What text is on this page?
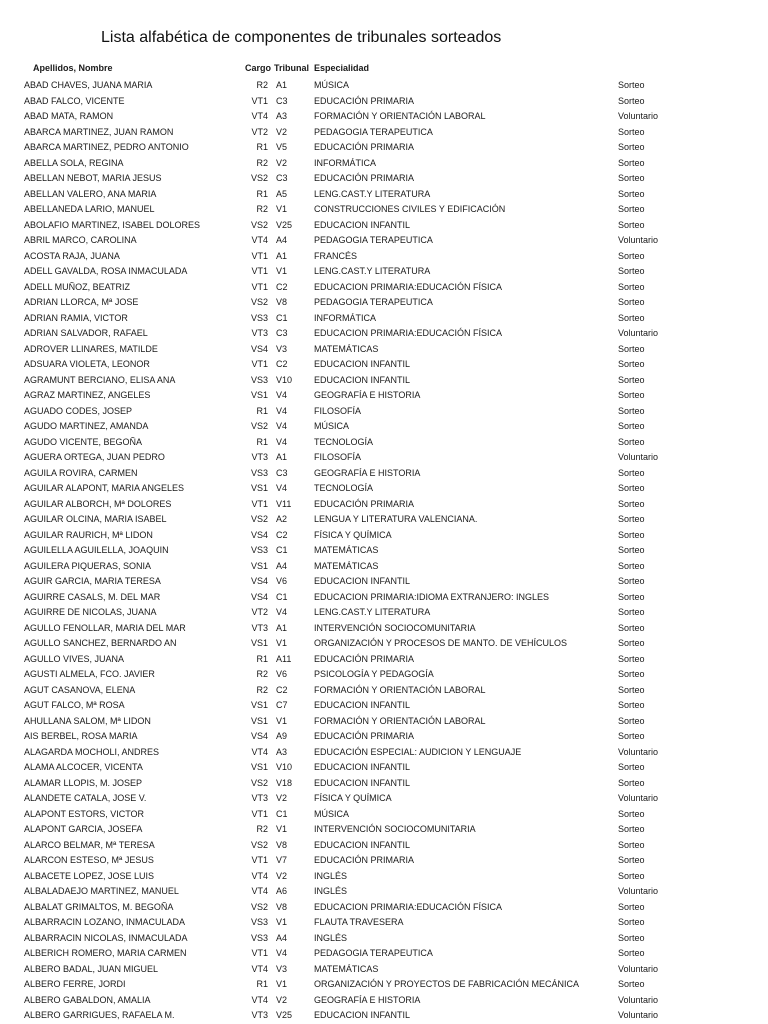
Lista alfabética de componentes de tribunales sorteados
Apellidos, Nombre	Cargo Tribunal Especialidad
ABAD CHAVES, JUANA MARIA	R2 A1	MÚSICA	Sorteo
ABAD FALCO, VICENTE	VT1 C3	EDUCACIÓN PRIMARIA	Sorteo
ABAD MATA, RAMON	VT4 A3	FORMACIÓN Y ORIENTACIÓN LABORAL	Voluntario
ABARCA MARTINEZ, JUAN RAMON	VT2 V2	PEDAGOGIA TERAPEUTICA	Sorteo
ABARCA MARTINEZ, PEDRO ANTONIO	R1 V5	EDUCACIÓN PRIMARIA	Sorteo
ABELLA SOLA, REGINA	R2 V2	INFORMÁTICA	Sorteo
ABELLAN NEBOT, MARIA JESUS	VS2 C3	EDUCACIÓN PRIMARIA	Sorteo
ABELLAN VALERO, ANA MARIA	R1 A5	LENG.CAST.Y LITERATURA	Sorteo
ABELLANEDA LARIO, MANUEL	R2 V1	CONSTRUCCIONES CIVILES Y EDIFICACIÓN	Sorteo
ABOLAFIO MARTINEZ, ISABEL DOLORES	VS2 V25 EDUCACION INFANTIL	Sorteo
ABRIL MARCO, CAROLINA	VT4 A4	PEDAGOGIA TERAPEUTICA	Voluntario
ACOSTA RAJA, JUANA	VT1 A1	FRANCÉS	Sorteo
ADELL GAVALDA, ROSA INMACULADA	VT1 V1	LENG.CAST.Y LITERATURA	Sorteo
ADELL MUÑOZ, BEATRIZ	VT1 C2	EDUCACION PRIMARIA:EDUCACIÓN FÍSICA	Sorteo
ADRIAN LLORCA, Mª JOSE	VS2 V8	PEDAGOGIA TERAPEUTICA	Sorteo
ADRIAN RAMIA, VICTOR	VS3 C1	INFORMÁTICA	Sorteo
ADRIAN SALVADOR, RAFAEL	VT3 C3	EDUCACION PRIMARIA:EDUCACIÓN FÍSICA	Voluntario
ADROVER LLINARES, MATILDE	VS4 V3	MATEMÁTICAS	Sorteo
ADSUARA VIOLETA, LEONOR	VT1 C2	EDUCACION INFANTIL	Sorteo
AGRAMUNT BERCIANO, ELISA ANA	VS3 V10 EDUCACION INFANTIL	Sorteo
AGRAZ MARTINEZ, ANGELES	VS1 V4	GEOGRAFÍA E HISTORIA	Sorteo
AGUADO CODES, JOSEP	R1 V4	FILOSOFÍA	Sorteo
AGUDO MARTINEZ, AMANDA	VS2 V4	MÚSICA	Sorteo
AGUDO VICENTE, BEGOÑA	R1 V4	TECNOLOGÍA	Sorteo
AGUERA ORTEGA, JUAN PEDRO	VT3 A1	FILOSOFÍA	Voluntario
AGUILA ROVIRA, CARMEN	VS3 C3	GEOGRAFÍA E HISTORIA	Sorteo
AGUILAR ALAPONT, MARIA ANGELES	VS1 V4	TECNOLOGÍA	Sorteo
AGUILAR ALBORCH, Mª DOLORES	VT1 V11	EDUCACIÓN PRIMARIA	Sorteo
AGUILAR OLCINA, MARIA ISABEL	VS2 A2	LENGUA Y LITERATURA VALENCIANA.	Sorteo
AGUILAR RAURICH, Mª LIDON	VS4 C2	FÍSICA Y QUÍMICA	Sorteo
AGUILELLA AGUILELLA, JOAQUIN	VS3 C1	MATEMÁTICAS	Sorteo
AGUILERA PIQUERAS, SONIA	VS1 A4	MATEMÁTICAS	Sorteo
AGUIR GARCIA, MARIA TERESA	VS4 V6	EDUCACION INFANTIL	Sorteo
AGUIRRE CASALS, M. DEL MAR	VS4 C1	EDUCACION PRIMARIA:IDIOMA EXTRANJERO: INGLES	Sorteo
AGUIRRE DE NICOLAS, JUANA	VT2 V4	LENG.CAST.Y LITERATURA	Sorteo
AGULLO FENOLLAR, MARIA DEL MAR	VT3 A1	INTERVENCIÓN SOCIOCOMUNITARIA	Sorteo
AGULLO SANCHEZ, BERNARDO AN	VS1 V1	ORGANIZACIÓN Y PROCESOS DE MANTO. DE VEHÍCULOS	Sorteo
AGULLO VIVES, JUANA	R1 A11	EDUCACIÓN PRIMARIA	Sorteo
AGUSTI ALMELA, FCO. JAVIER	R2 V6	PSICOLOGÍA Y PEDAGOGÍA	Sorteo
AGUT CASANOVA, ELENA	R2 C2	FORMACIÓN Y ORIENTACIÓN LABORAL	Sorteo
AGUT FALCO, Mª ROSA	VS1 C7	EDUCACION INFANTIL	Sorteo
AHULLANA SALOM, Mª LIDON	VS1 V1	FORMACIÓN Y ORIENTACIÓN LABORAL	Sorteo
AIS BERBEL, ROSA MARIA	VS4 A9	EDUCACIÓN PRIMARIA	Sorteo
ALAGARDA MOCHOLI, ANDRES	VT4 A3	EDUCACIÓN ESPECIAL: AUDICION Y LENGUAJE	Voluntario
ALAMA ALCOCER, VICENTA	VS1 V10 EDUCACION INFANTIL	Sorteo
ALAMAR LLOPIS, M. JOSEP	VS2 V18 EDUCACION INFANTIL	Sorteo
ALANDETE CATALA, JOSE V.	VT3 V2	FÍSICA Y QUÍMICA	Voluntario
ALAPONT ESTORS, VICTOR	VT1 C1	MÚSICA	Sorteo
ALAPONT GARCIA, JOSEFA	R2 V1	INTERVENCIÓN SOCIOCOMUNITARIA	Sorteo
ALARCO BELMAR, Mª TERESA	VS2 V8	EDUCACION INFANTIL	Sorteo
ALARCON ESTESO, Mª JESUS	VT1 V7	EDUCACIÓN PRIMARIA	Sorteo
ALBACETE LOPEZ, JOSE LUIS	VT4 V2	INGLÉS	Sorteo
ALBALADAEJO MARTINEZ, MANUEL	VT4 A6	INGLÉS	Voluntario
ALBALAT GRIMALTOS, M. BEGOÑA	VS2 V8	EDUCACION PRIMARIA:EDUCACIÓN FÍSICA	Sorteo
ALBARRACIN LOZANO, INMACULADA	VS3 V1	FLAUTA TRAVESERA	Sorteo
ALBARRACIN NICOLAS, INMACULADA	VS3 A4	INGLÉS	Sorteo
ALBERICH ROMERO, MARIA CARMEN	VT1 V4	PEDAGOGIA TERAPEUTICA	Sorteo
ALBERO BADAL, JUAN MIGUEL	VT4 V3	MATEMÁTICAS	Voluntario
ALBERO FERRE, JORDI	R1 V1	ORGANIZACIÓN Y PROYECTOS DE FABRICACIÓN MECÁNICA	Sorteo
ALBERO GABALDON, AMALIA	VT4 V2	GEOGRAFÍA E HISTORIA	Voluntario
ALBERO GARRIGUES, RAFAELA M.	VT3 V25 EDUCACION INFANTIL	Voluntario
